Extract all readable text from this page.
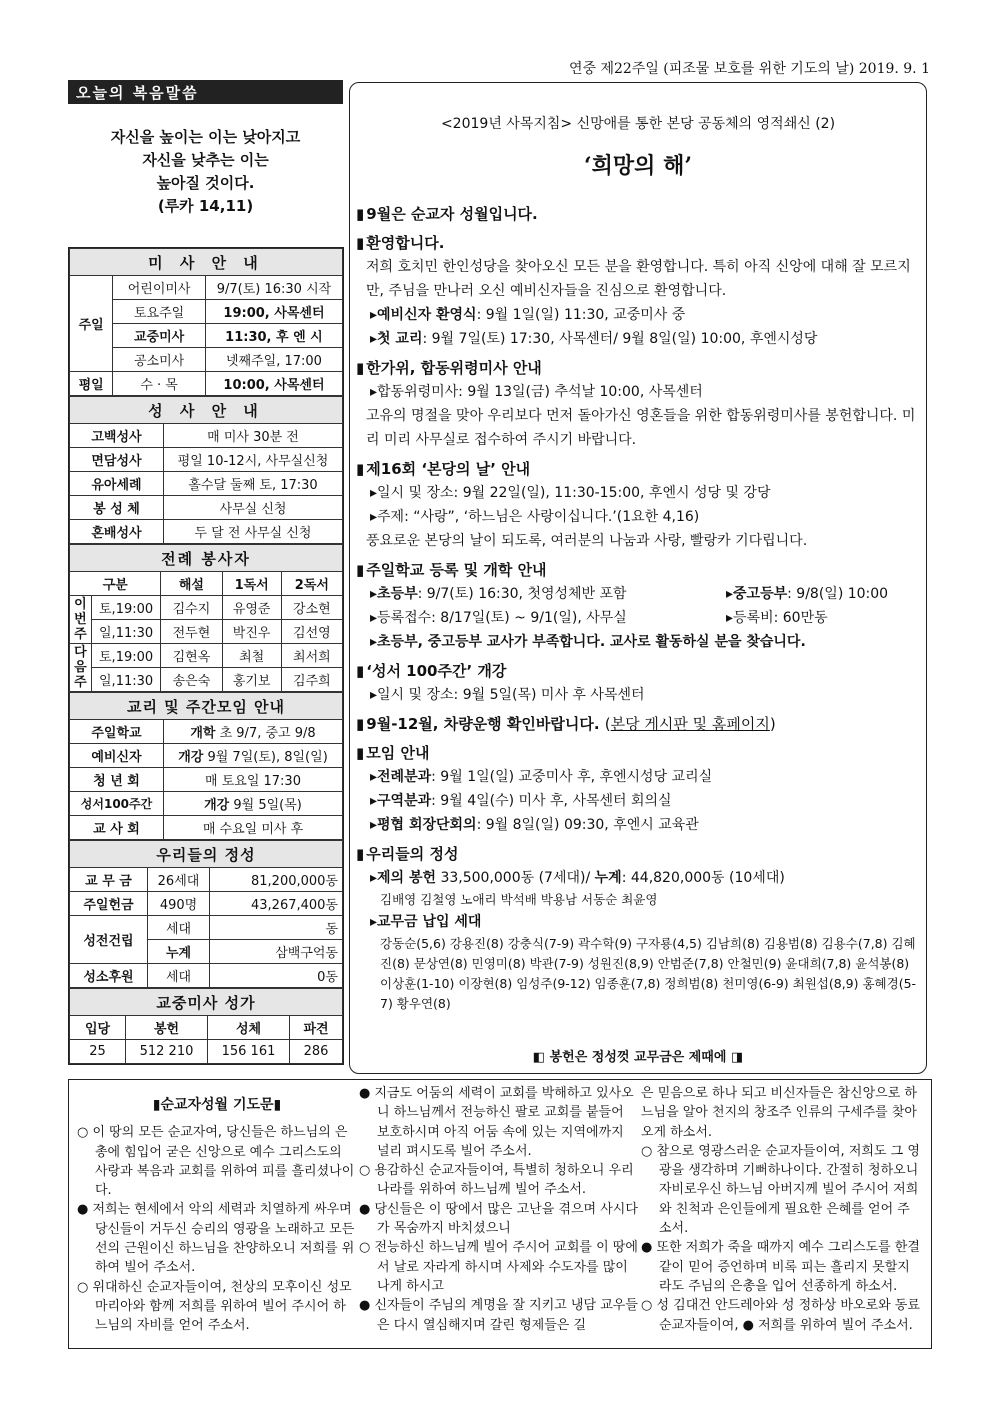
연중 제22주일 (피조물 보호를 위한 기도의 날) 2019. 9. 1
오늘의 복음말씀
자신을 높이는 이는 낮아지고
자신을 낮추는 이는
높아질 것이다.
(루카 14,11)
미 사 안 내		
주일	어린이미사	9/7(토) 16:30 시작
	토요주일	19:00, 사목센터
	교중미사	11:30, 후 엔 시
	공소미사	넷째주일, 17:00
평일	수 · 목	10:00, 사목센터
성 사 안 내	
고백성사	매 미사 30분 전
면담성사	평일 10-12시, 사무실신청
유아세례	홀수달 둘째 토, 17:30
봉 성 체	사무실 신청
혼배성사	두 달 전 사무실 신청
전례 봉사자				
구분		해설	1독서	2독서
이번주	토,19:00	김수지	유영준	강소현
	일,11:30	전두현	박진우	김선영
다음주	토,19:00	김현옥	최철	최서희
	일,11:30	송은숙	홍기보	김주희
교리 및 주간모임 안내	
주일학교	개학 초 9/7, 중고 9/8
예비신자	개강 9월 7일(토), 8일(일)
청 년 회	매 토요일 17:30
성서100주간	개강 9월 5일(목)
교 사 회	매 수요일 미사 후
우리들의 정성		
교 무 금	26세대	81,200,000동
주일헌금	490명	43,267,400동
성전건립	세대	동
	누계	삼백구억동
성소후원	세대	0동
교중미사 성가			
입당	봉헌	성체	파견
25	512 210	156 161	286
<2019년 사목지침> 신망애를 통한 본당 공동체의 영적쇄신 (2)
‘희망의 해’
▮ 9월은 순교자 성월입니다.
▮ 환영합니다.
저희 호치민 한인성당을 찾아오신 모든 분을 환영합니다. 특히 아직 신앙에 대해 잘 모르지만, 주님을 만나러 오신 예비신자들을 진심으로 환영합니다.
▸ 예비신자 환영식: 9월 1일(일) 11:30, 교중미사 중
▸ 첫 교리: 9월 7일(토) 17:30, 사목센터/ 9월 8일(일) 10:00, 후엔시성당
▮ 한가위, 합동위령미사 안내
▸ 합동위령미사: 9월 13일(금) 추석날 10:00, 사목센터
고유의 명절을 맞아 우리보다 먼저 돌아가신 영혼들을 위한 합동위령미사를 봉헌합니다. 미리 미리 사무실로 접수하여 주시기 바랍니다.
▮ 제16회 ‘본당의 날’ 안내
▸ 일시 및 장소: 9월 22일(일), 11:30-15:00, 후엔시 성당 및 강당
▸ 주제: “사랑”, ‘하느님은 사랑이십니다.’(1요한 4,16)
풍요로운 본당의 날이 되도록, 여러분의 나눔과 사랑, 빨랑카 기다립니다.
▮ 주일학교 등록 및 개학 안내
▸ 초등부: 9/7(토) 16:30, 첫영성체반 포함	▸ 중고등부: 9/8(일) 10:00
▸ 등록접수: 8/17일(토) ~ 9/1(일), 사무실	▸ 등록비: 60만동
▸ 초등부, 중고등부 교사가 부족합니다. 교사로 활동하실 분을 찾습니다.
▮ ‘성서 100주간’ 개강
▸ 일시 및 장소: 9월 5일(목) 미사 후 사목센터
▮ 9월-12월, 차량운행 확인바랍니다. (본당 게시판 및 홈페이지)
▮ 모임 안내
▸ 전례분과: 9월 1일(일) 교중미사 후, 후엔시성당 교리실
▸ 구역분과: 9월 4일(수) 미사 후, 사목센터 회의실
▸ 평협 회장단회의: 9월 8일(일) 09:30, 후엔시 교육관
▮ 우리들의 정성
▸ 제의 봉헌 33,500,000동 (7세대)/ 누계: 44,820,000동 (10세대)
김배영 김철영 노애리 박석배 박용남 서동순 최윤영
▸ 교무금 납입 세대
강동순(5,6) 강용진(8) 강충식(7-9) 곽수학(9) 구자룡(4,5) 김남희(8) 김용범(8) 김용수(7,8) 김혜진(8) 문상연(8) 민영미(8) 박관(7-9) 성원진(8,9) 안범준(7,8) 안철민(9) 윤대희(7,8) 윤석봉(8) 이상훈(1-10) 이장현(8) 임성주(9-12) 임종훈(7,8) 정희범(8) 천미영(6-9) 최원섭(8,9) 홍혜경(5-7) 황우연(8)
◧ 봉헌은 정성껏 교무금은 제때에 ◨
▮순교자성월 기도문▮

○ 이 땅의 모든 순교자여, 당신들은 하느님의 은총에 힘입어 굳은 신앙으로 예수 그리스도의 사랑과 복음과 교회를 위하여 피를 흘리셨나이다.

● 저희는 현세에서 악의 세력과 치열하게 싸우며 당신들이 거두신 승리의 영광을 노래하고 모든 선의 근원이신 하느님을 찬양하오니 저희를 위하여 빌어 주소서.

○ 위대하신 순교자들이여, 천상의 모후이신 성모 마리아와 함께 저희를 위하여 빌어 주시어 하느님의 자비를 얻어 주소서.

● 지금도 어둠의 세력이 교회를 박해하고 있사오니 하느님께서 전능하신 팔로 교회를 붙들어 보호하시며 아직 어둠 속에 있는 지역에까지 널리 펴시도록 빌어 주소서.

○ 용감하신 순교자들이여, 특별히 청하오니 우리나라를 위하여 하느님께 빌어 주소서.

● 당신들은 이 땅에서 많은 고난을 겪으며 사시다가 목숨까지 바치셨으니

○ 전능하신 하느님께 빌어 주시어 교회를 이 땅에서 날로 자라게 하시며 사제와 수도자를 많이 나게 하시고

● 신자들이 주님의 계명을 잘 지키고 냉담 교우들은 다시 열심해지며 갈린 형제들은 길

은 믿음으로 하나 되고 비신자들은 참신앙으로 하느님을 알아 천지의 창조주 인류의 구세주를 찾아오게 하소서.

○ 참으로 영광스러운 순교자들이여, 저희도 그 영광을 생각하며 기뻐하나이다. 간절히 청하오니 자비로우신 하느님 아버지께 빌어 주시어 저희와 친척과 은인들에게 필요한 은혜를 얻어 주소서.

● 또한 저희가 죽을 때까지 예수 그리스도를 한결같이 믿어 증언하며 비록 피는 흘리지 못할지라도 주님의 은총을 입어 선종하게 하소서.

○ 성 김대건 안드레아와 성 정하상 바오로와 동료 순교자들이여, ● 저희를 위하여 빌어 주소서.
